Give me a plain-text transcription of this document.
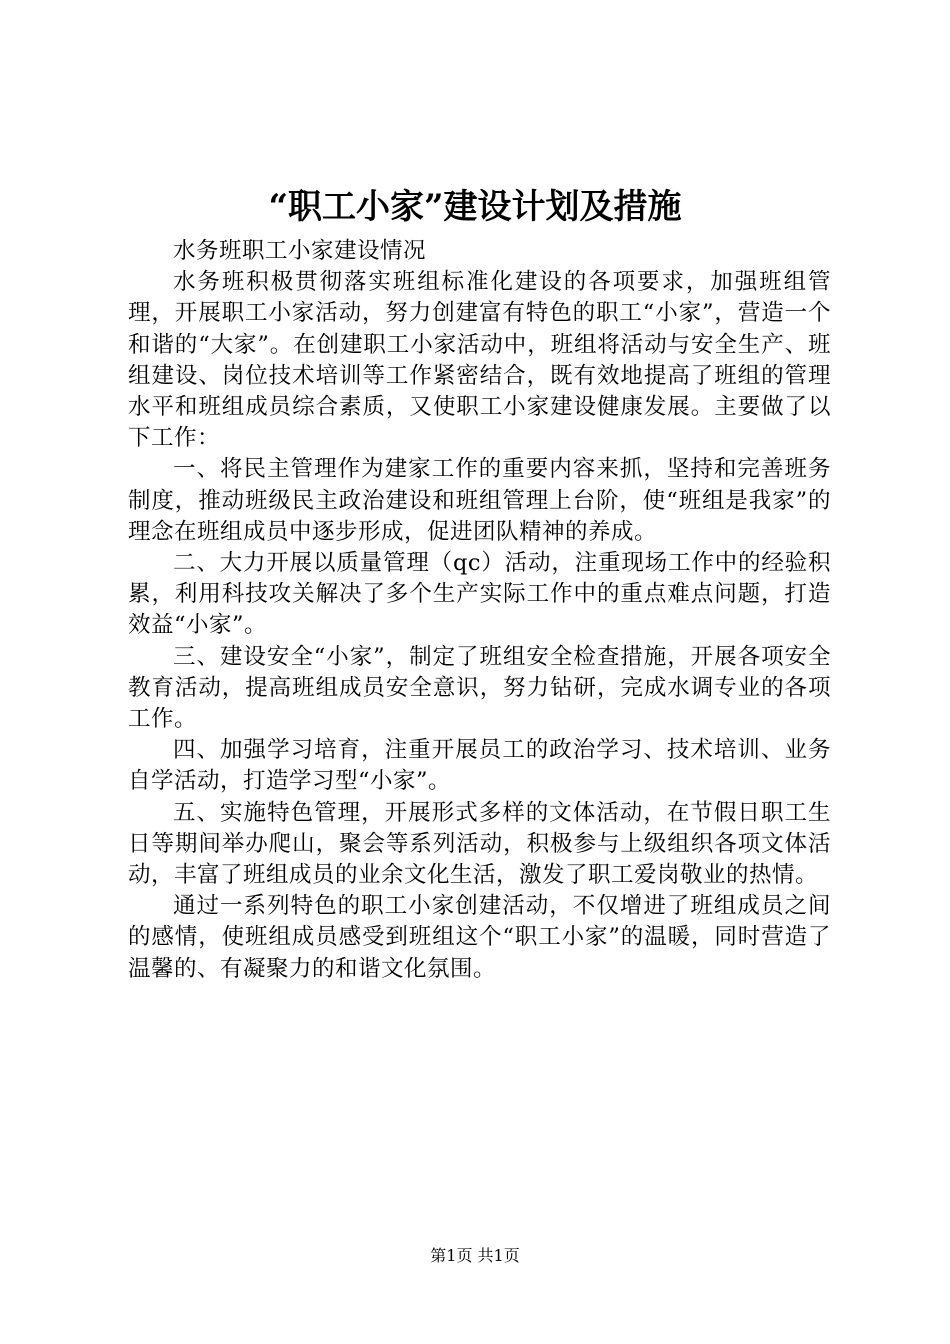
“职工小家”建设计划及措施

水务班职工小家建设情况

水务班积极贯彻落实班组标准化建设的各项要求，加强班组管理，开展职工小家活动，努力创建富有特色的职工“小家”，营造一个和谐的“大家”。在创建职工小家活动中，班组将活动与安全生产、班组建设、岗位技术培训等工作紧密结合，既有效地提高了班组的管理水平和班组成员综合素质，又使职工小家建设健康发展。主要做了以下工作：

一、将民主管理作为建家工作的重要内容来抓，坚持和完善班务制度，推动班级民主政治建设和班组管理上台阶，使“班组是我家”的理念在班组成员中逐步形成，促进团队精神的养成。

二、大力开展以质量管理（qc）活动，注重现场工作中的经验积累，利用科技攻关解决了多个生产实际工作中的重点难点问题，打造效益“小家”。

三、建设安全“小家”，制定了班组安全检查措施，开展各项安全教育活动，提高班组成员安全意识，努力钻研，完成水调专业的各项工作。

四、加强学习培育，注重开展员工的政治学习、技术培训、业务自学活动，打造学习型“小家”。

五、实施特色管理，开展形式多样的文体活动，在节假日职工生日等期间举办爬山，聚会等系列活动，积极参与上级组织各项文体活动，丰富了班组成员的业余文化生活，激发了职工爱岗敬业的热情。

通过一系列特色的职工小家创建活动，不仅增进了班组成员之间的感情，使班组成员感受到班组这个“职工小家”的温暖，同时营造了温馨的、有凝聚力的和谐文化氛围。

第1页 共1页
